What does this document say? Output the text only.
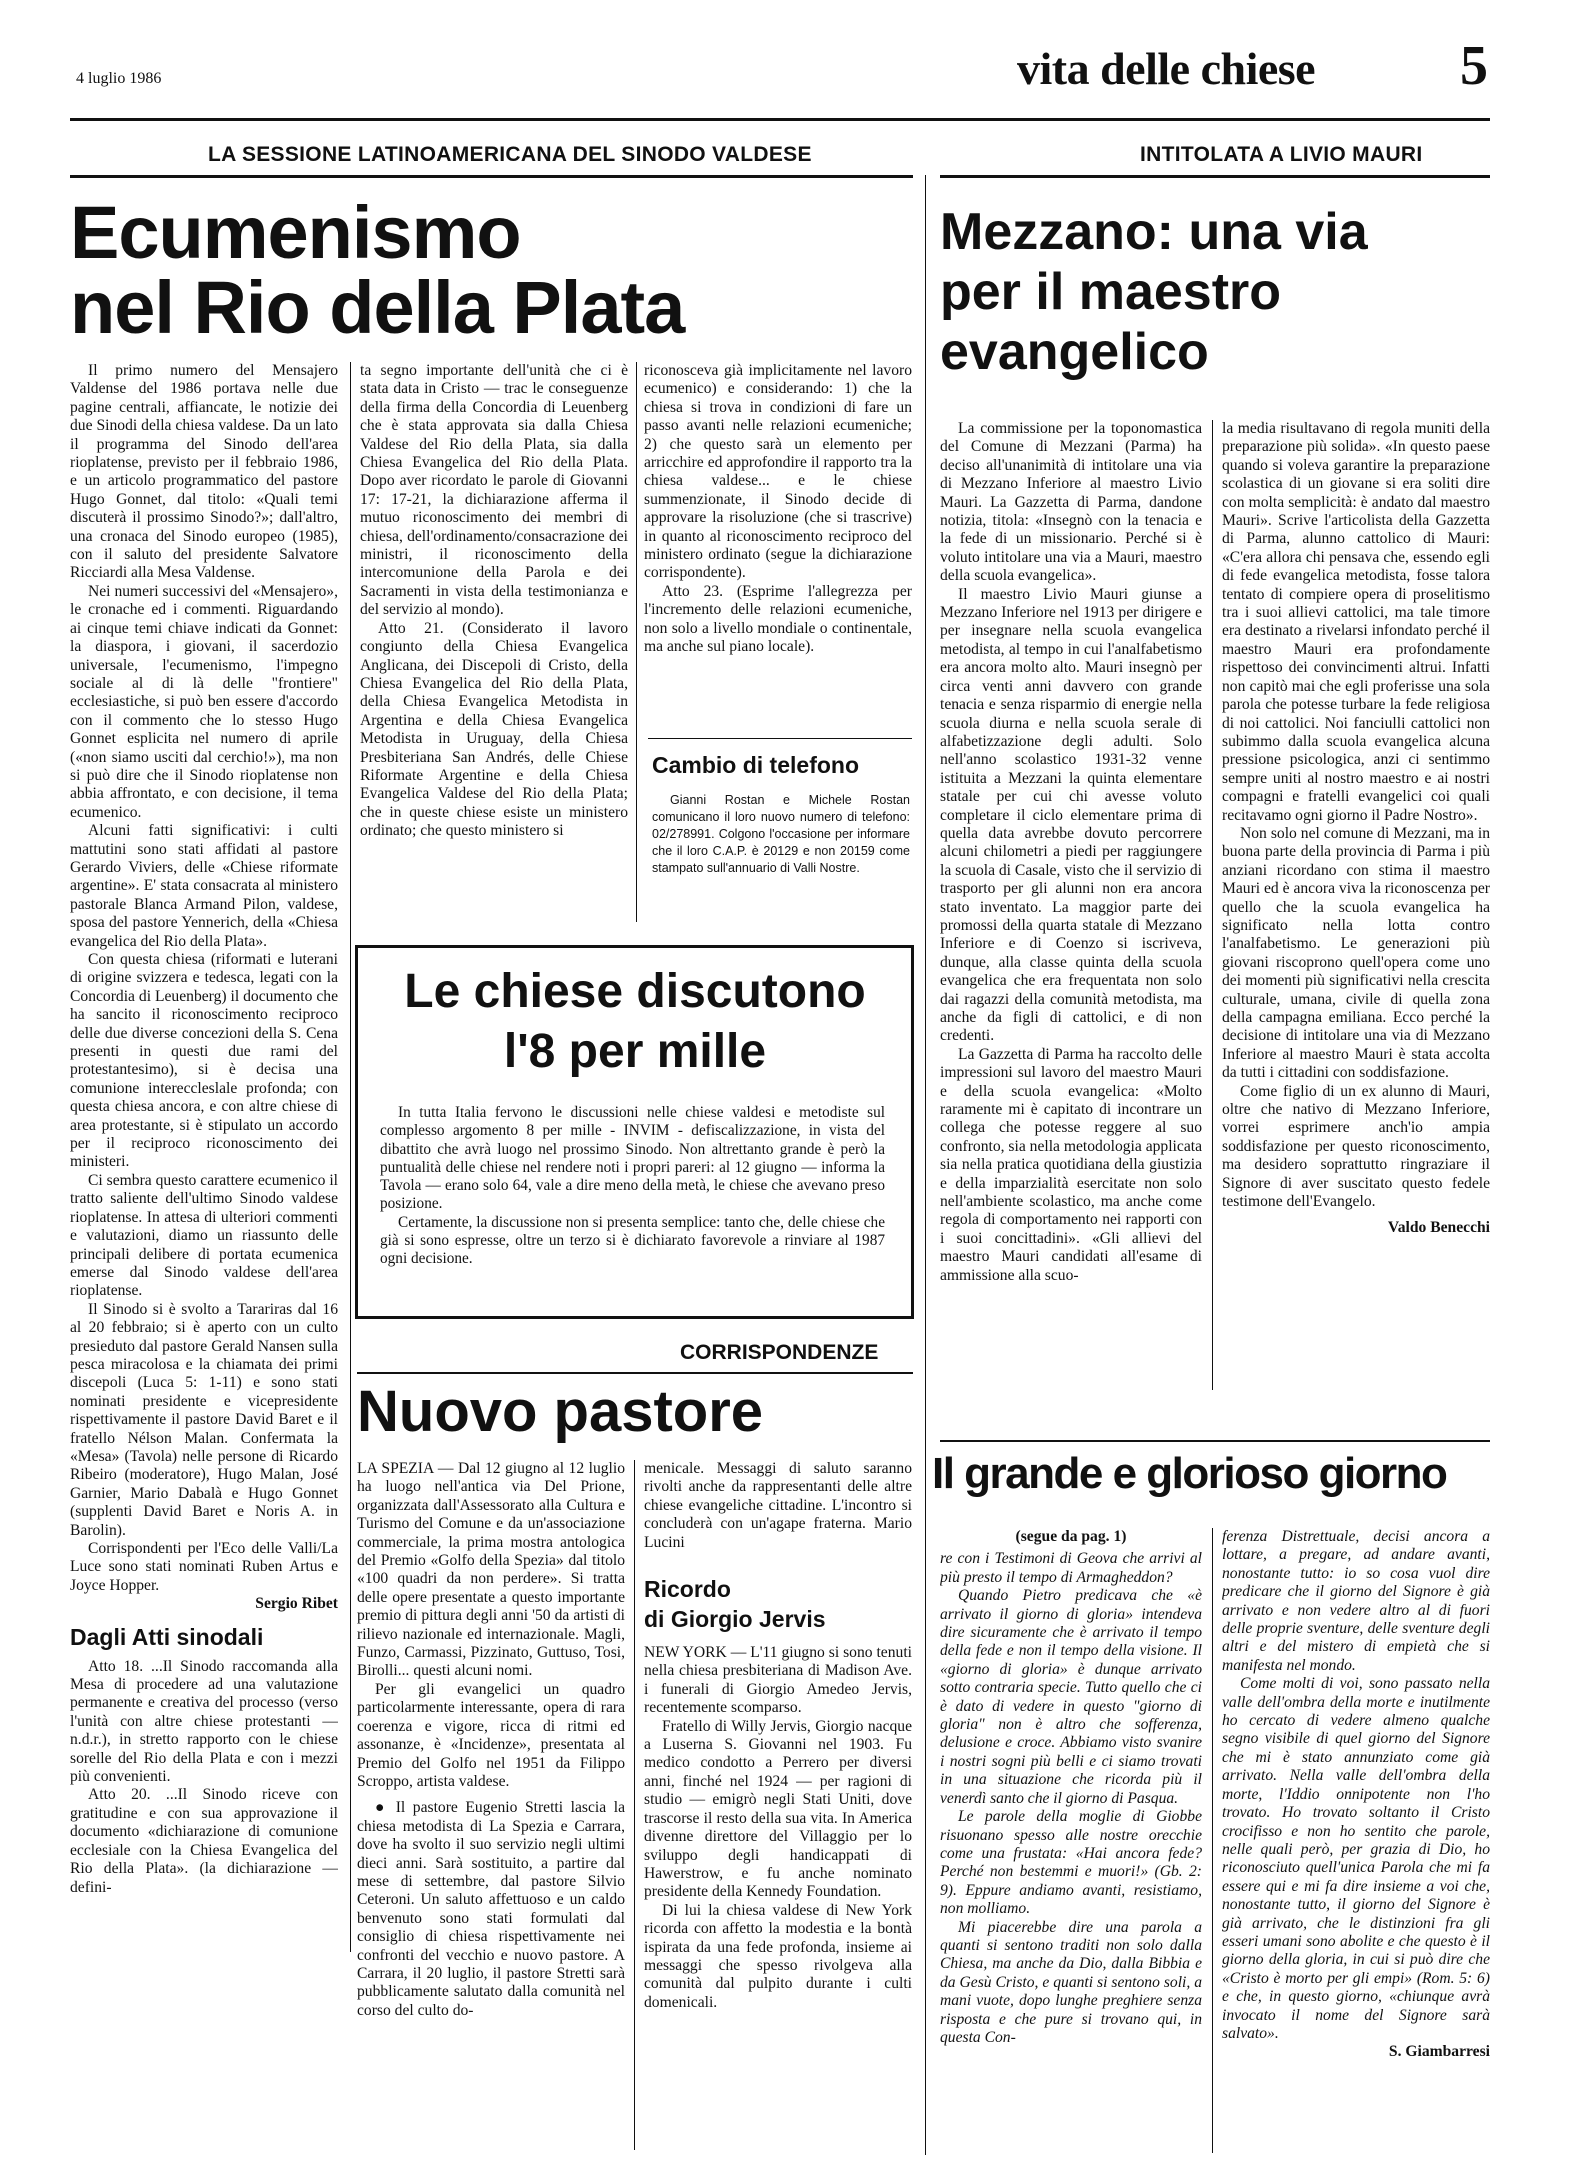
4 luglio 1986	vita delle chiese	5
LA SESSIONE LATINOAMERICANA DEL SINODO VALDESE
Ecumenismo
nel Rio della Plata

Il primo numero del Mensajero Valdense del 1986 portava nelle due pagine centrali, affiancate, le notizie dei due Sinodi della chiesa valdese. Da un lato il programma del Sinodo dell'area rioplatense, previsto per il febbraio 1986, e un articolo programmatico del pastore Hugo Gonnet, dal titolo: «Quali temi discuterà il prossimo Sinodo?»; dall'altro, una cronaca del Sinodo europeo (1985), con il saluto del presidente Salvatore Ricciardi alla Mesa Valdense.

Nei numeri successivi del «Mensajero», le cronache ed i commenti. Riguardando ai cinque temi chiave indicati da Gonnet: la diaspora, i giovani, il sacerdozio universale, l'ecumenismo, l'impegno sociale al di là delle "frontiere" ecclesiastiche, si può ben essere d'accordo con il commento che lo stesso Hugo Gonnet esplicita nel numero di aprile («non siamo usciti dal cerchio!»), ma non si può dire che il Sinodo rioplatense non abbia affrontato, e con decisione, il tema ecumenico.

Alcuni fatti significativi: i culti mattutini sono stati affidati al pastore Gerardo Viviers, delle «Chiese riformate argentine». E' stata consacrata al ministero pastorale Blanca Armand Pilon, valdese, sposa del pastore Yennerich, della «Chiesa evangelica del Rio della Plata».

Con questa chiesa (riformati e luterani di origine svizzera e tedesca, legati con la Concordia di Leuenberg) il documento che ha sancito il riconoscimento reciproco delle due diverse concezioni della S. Cena presenti in questi due rami del protestantesimo), si è decisa una comunione intereccleslale profonda; con questa chiesa ancora, e con altre chiese di area protestante, si è stipulato un accordo per il reciproco riconoscimento dei ministeri.

Ci sembra questo carattere ecumenico il tratto saliente dell'ultimo Sinodo valdese rioplatense. In attesa di ulteriori commenti e valutazioni, diamo un riassunto delle principali delibere di portata ecumenica emerse dal Sinodo valdese dell'area rioplatense.

Il Sinodo si è svolto a Tarariras dal 16 al 20 febbraio; si è aperto con un culto presieduto dal pastore Gerald Nansen sulla pesca miracolosa e la chiamata dei primi discepoli (Luca 5: 1-11) e sono stati nominati presidente e vicepresidente rispettivamente il pastore David Baret e il fratello Nélson Malan. Confermata la «Mesa» (Tavola) nelle persone di Ricardo Ribeiro (moderatore), Hugo Malan, José Garnier, Mario Dabalà e Hugo Gonnet (supplenti David Baret e Noris A. in Barolin).

Corrispondenti per l'Eco delle Valli/La Luce sono stati nominati Ruben Artus e Joyce Hopper.

Sergio Ribet

Dagli Atti sinodali

Atto 18. ...Il Sinodo raccomanda alla Mesa di procedere ad una valutazione permanente e creativa del processo (verso l'unità con altre chiese protestanti — n.d.r.), in stretto rapporto con le chiese sorelle del Rio della Plata e con i mezzi più convenienti.

Atto 20. ...Il Sinodo riceve con gratitudine e con sua approvazione il documento «dichiarazione di comunione ecclesiale con la Chiesa Evangelica del Rio della Plata». (la dichiarazione — defini-

ta segno importante dell'unità che ci è stata data in Cristo — trac le conseguenze della firma della Concordia di Leuenberg che è stata approvata sia dalla Chiesa Valdese del Rio della Plata, sia dalla Chiesa Evangelica del Rio della Plata. Dopo aver ricordato le parole di Giovanni 17: 17-21, la dichiarazione afferma il mutuo riconoscimento dei membri di chiesa, dell'ordinamento/consacrazione dei ministri, il riconoscimento della intercomunione della Parola e dei Sacramenti in vista della testimonianza e del servizio al mondo).

Atto 21. (Considerato il lavoro congiunto della Chiesa Evangelica Anglicana, dei Discepoli di Cristo, della Chiesa Evangelica del Rio della Plata, della Chiesa Evangelica Metodista in Argentina e della Chiesa Evangelica Metodista in Uruguay, della Chiesa Presbiteriana San Andrés, delle Chiese Riformate Argentine e della Chiesa Evangelica Valdese del Rio della Plata; che in queste chiese esiste un ministero ordinato; che questo ministero si

riconosceva già implicitamente nel lavoro ecumenico) e considerando: 1) che la chiesa si trova in condizioni di fare un passo avanti nelle relazioni ecumeniche; 2) che questo sarà un elemento per arricchire ed approfondire il rapporto tra la chiesa valdese... e le chiese summenzionate, il Sinodo decide di approvare la risoluzione (che si trascrive) in quanto al riconoscimento reciproco del ministero ordinato (segue la dichiarazione corrispondente).

Atto 23. (Esprime l'allegrezza per l'incremento delle relazioni ecumeniche, non solo a livello mondiale o continentale, ma anche sul piano locale).

Cambio di telefono

Gianni Rostan e Michele Rostan comunicano il loro nuovo numero di telefono: 02/278991. Colgono l'occasione per informare che il loro C.A.P. è 20129 e non 20159 come stampato sull'annuario di Valli Nostre.

Le chiese discutono
l'8 per mille

In tutta Italia fervono le discussioni nelle chiese valdesi e metodiste sul complesso argomento 8 per mille - INVIM - defiscalizzazione, in vista del dibattito che avrà luogo nel prossimo Sinodo. Non altrettanto grande è però la puntualità delle chiese nel rendere noti i propri pareri: al 12 giugno — informa la Tavola — erano solo 64, vale a dire meno della metà, le chiese che avevano preso posizione.

Certamente, la discussione non si presenta semplice: tanto che, delle chiese che già si sono espresse, oltre un terzo si è dichiarato favorevole a rinviare al 1987 ogni decisione.

CORRISPONDENZE
Nuovo pastore

LA SPEZIA — Dal 12 giugno al 12 luglio ha luogo nell'antica via Del Prione, organizzata dall'Assessorato alla Cultura e Turismo del Comune e da un'associazione commerciale, la prima mostra antologica del Premio «Golfo della Spezia» dal titolo «100 quadri da non perdere». Si tratta delle opere presentate a questo importante premio di pittura degli anni '50 da artisti di rilievo nazionale ed internazionale. Magli, Funzo, Carmassi, Pizzinato, Guttuso, Tosi, Birolli... questi alcuni nomi.

Per gli evangelici un quadro particolarmente interessante, opera di rara coerenza e vigore, ricca di ritmi ed assonanze, è «Incidenze», presentata al Premio del Golfo nel 1951 da Filippo Scroppo, artista valdese.

● Il pastore Eugenio Stretti lascia la chiesa metodista di La Spezia e Carrara, dove ha svolto il suo servizio negli ultimi dieci anni. Sarà sostituito, a partire dal mese di settembre, dal pastore Silvio Ceteroni. Un saluto affettuoso e un caldo benvenuto sono stati formulati dal consiglio di chiesa rispettivamente nei confronti del vecchio e nuovo pastore. A Carrara, il 20 luglio, il pastore Stretti sarà pubblicamente salutato dalla comunità nel corso del culto do-

menicale. Messaggi di saluto saranno rivolti anche da rappresentanti delle altre chiese evangeliche cittadine. L'incontro si concluderà con un'agape fraterna. Mario Lucini

Ricordo
di Giorgio Jervis

NEW YORK — L'11 giugno si sono tenuti nella chiesa presbiteriana di Madison Ave. i funerali di Giorgio Amedeo Jervis, recentemente scomparso.

Fratello di Willy Jervis, Giorgio nacque a Luserna S. Giovanni nel 1903. Fu medico condotto a Perrero per diversi anni, finché nel 1924 — per ragioni di studio — emigrò negli Stati Uniti, dove trascorse il resto della sua vita. In America divenne direttore del Villaggio per lo sviluppo degli handicappati di Hawerstrow, e fu anche nominato presidente della Kennedy Foundation.

Di lui la chiesa valdese di New York ricorda con affetto la modestia e la bontà ispirata da una fede profonda, insieme ai messaggi che spesso rivolgeva alla comunità dal pulpito durante i culti domenicali.

INTITOLATA A LIVIO MAURI
Mezzano: una via
per il maestro
evangelico

La commissione per la toponomastica del Comune di Mezzani (Parma) ha deciso all'unanimità di intitolare una via di Mezzano Inferiore al maestro Livio Mauri. La Gazzetta di Parma, dandone notizia, titola: «Insegnò con la tenacia e la fede di un missionario. Perché si è voluto intitolare una via a Mauri, maestro della scuola evangelica».

Il maestro Livio Mauri giunse a Mezzano Inferiore nel 1913 per dirigere e per insegnare nella scuola evangelica metodista, al tempo in cui l'analfabetismo era ancora molto alto. Mauri insegnò per circa venti anni davvero con grande tenacia e senza risparmio di energie nella scuola diurna e nella scuola serale di alfabetizzazione degli adulti. Solo nell'anno scolastico 1931-32 venne istituita a Mezzani la quinta elementare statale per cui chi avesse voluto completare il ciclo elementare prima di quella data avrebbe dovuto percorrere alcuni chilometri a piedi per raggiungere la scuola di Casale, visto che il servizio di trasporto per gli alunni non era ancora stato inventato. La maggior parte dei promossi della quarta statale di Mezzano Inferiore e di Coenzo si iscriveva, dunque, alla classe quinta della scuola evangelica che era frequentata non solo dai ragazzi della comunità metodista, ma anche da figli di cattolici, e di non credenti.

La Gazzetta di Parma ha raccolto delle impressioni sul lavoro del maestro Mauri e della scuola evangelica: «Molto raramente mi è capitato di incontrare un collega che potesse reggere al suo confronto, sia nella metodologia applicata sia nella pratica quotidiana della giustizia e della imparzialità esercitate non solo nell'ambiente scolastico, ma anche come regola di comportamento nei rapporti con i suoi concittadini». «Gli allievi del maestro Mauri candidati all'esame di ammissione alla scuo-

la media risultavano di regola muniti della preparazione più solida». «In questo paese quando si voleva garantire la preparazione scolastica di un giovane si era soliti dire con molta semplicità: è andato dal maestro Mauri». Scrive l'articolista della Gazzetta di Parma, alunno cattolico di Mauri: «C'era allora chi pensava che, essendo egli di fede evangelica metodista, fosse talora tentato di compiere opera di proselitismo tra i suoi allievi cattolici, ma tale timore era destinato a rivelarsi infondato perché il maestro Mauri era profondamente rispettoso dei convincimenti altrui. Infatti non capitò mai che egli proferisse una sola parola che potesse turbare la fede religiosa di noi cattolici. Noi fanciulli cattolici non subimmo dalla scuola evangelica alcuna pressione psicologica, anzi ci sentimmo sempre uniti al nostro maestro e ai nostri compagni e fratelli evangelici coi quali recitavamo ogni giorno il Padre Nostro».

Non solo nel comune di Mezzani, ma in buona parte della provincia di Parma i più anziani ricordano con stima il maestro Mauri ed è ancora viva la riconoscenza per quello che la scuola evangelica ha significato nella lotta contro l'analfabetismo. Le generazioni più giovani riscoprono quell'opera come uno dei momenti più significativi nella crescita culturale, umana, civile di quella zona della campagna emiliana. Ecco perché la decisione di intitolare una via di Mezzano Inferiore al maestro Mauri è stata accolta da tutti i cittadini con soddisfazione.

Come figlio di un ex alunno di Mauri, oltre che nativo di Mezzano Inferiore, vorrei esprimere anch'io ampia soddisfazione per questo riconoscimento, ma desidero soprattutto ringraziare il Signore di aver suscitato questo fedele testimone dell'Evangelo.

Valdo Benecchi

Il grande e glorioso giorno

(segue da pag. 1)

re con i Testimoni di Geova che arrivi al più presto il tempo di Armagheddon?

Quando Pietro predicava che «è arrivato il giorno di gloria» intendeva dire sicuramente che è arrivato il tempo della fede e non il tempo della visione. Il «giorno di gloria» è dunque arrivato sotto contraria specie. Tutto quello che ci è dato di vedere in questo "giorno di gloria" non è altro che sofferenza, delusione e croce. Abbiamo visto svanire i nostri sogni più belli e ci siamo trovati in una situazione che ricorda più il venerdì santo che il giorno di Pasqua.

Le parole della moglie di Giobbe risuonano spesso alle nostre orecchie come una frustata: «Hai ancora fede? Perché non bestemmi e muori!» (Gb. 2: 9). Eppure andiamo avanti, resistiamo, non molliamo.

Mi piacerebbe dire una parola a quanti si sentono traditi non solo dalla Chiesa, ma anche da Dio, dalla Bibbia e da Gesù Cristo, e quanti si sentono soli, a mani vuote, dopo lunghe preghiere senza risposta e che pure si trovano qui, in questa Con-

ferenza Distrettuale, decisi ancora a lottare, a pregare, ad andare avanti, nonostante tutto: io so cosa vuol dire predicare che il giorno del Signore è già arrivato e non vedere altro al di fuori delle proprie sventure, delle sventure degli altri e del mistero di empietà che si manifesta nel mondo.

Come molti di voi, sono passato nella valle dell'ombra della morte e inutilmente ho cercato di vedere almeno qualche segno visibile di quel giorno del Signore che mi è stato annunziato come già arrivato. Nella valle dell'ombra della morte, l'Iddio onnipotente non l'ho trovato. Ho trovato soltanto il Cristo crocifisso e non ho sentito che parole, nelle quali però, per grazia di Dio, ho riconosciuto quell'unica Parola che mi fa essere qui e mi fa dire insieme a voi che, nonostante tutto, il giorno del Signore è già arrivato, che le distinzioni fra gli esseri umani sono abolite e che questo è il giorno della gloria, in cui si può dire che «Cristo è morto per gli empi» (Rom. 5: 6) e che, in questo giorno, «chiunque avrà invocato il nome del Signore sarà salvato».

S. Giambarresi
